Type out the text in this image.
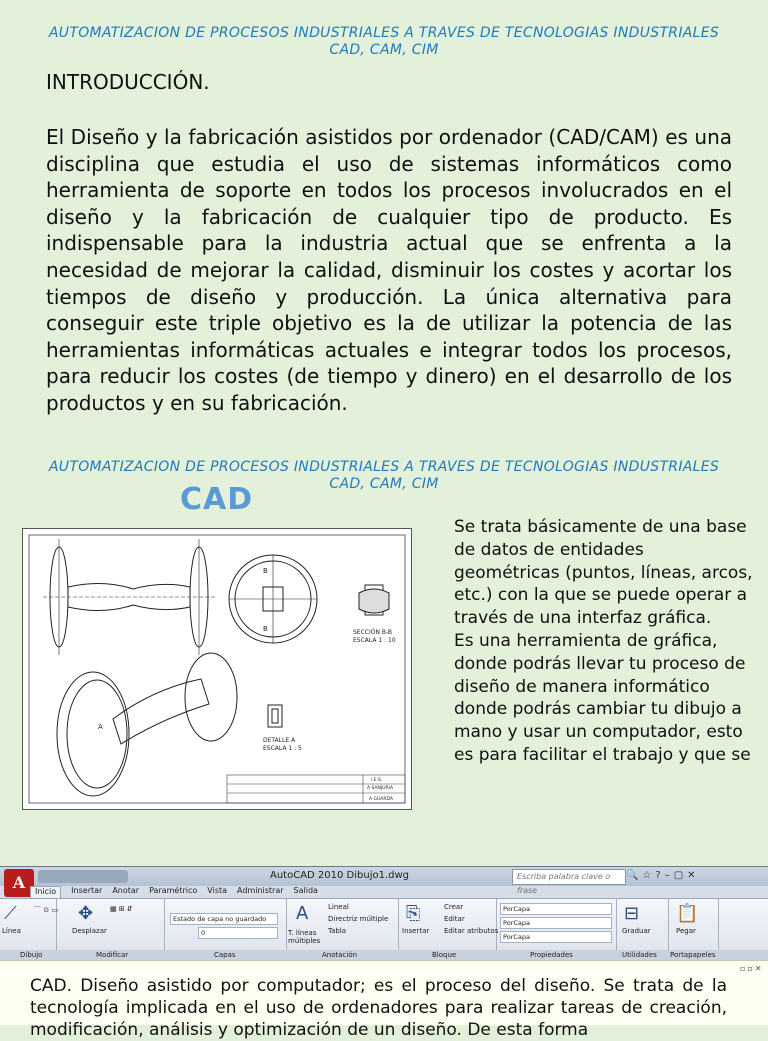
AUTOMATIZACION DE PROCESOS INDUSTRIALES A TRAVES DE TECNOLOGIAS INDUSTRIALES CAD, CAM, CIM
INTRODUCCIÓN.
El Diseño y la fabricación asistidos por ordenador (CAD/CAM) es una disciplina que estudia el uso de sistemas informáticos como herramienta de soporte en todos los procesos involucrados en el diseño y la fabricación de cualquier tipo de producto. Es indispensable para la industria actual que se enfrenta a la necesidad de mejorar la calidad, disminuir los costes y acortar los tiempos de diseño y producción. La única alternativa para conseguir este triple objetivo es la de utilizar la potencia de las herramientas informáticas actuales e integrar todos los procesos, para reducir los costes (de tiempo y dinero) en el desarrollo de los productos y en su fabricación.
AUTOMATIZACION DE PROCESOS INDUSTRIALES A TRAVES DE TECNOLOGIAS INDUSTRIALES CAD, CAM, CIM
CAD
B
B	SECCIÓN B-B
ESCALA 1 : 10
A
DETALLE A
ESCALA 1 : 5
I.E.S.
A SANJURIA
A GUARDA

Se trata básicamente de una base de datos de entidades geométricas (puntos, líneas, arcos, etc.) con la que se puede operar a través de una interfaz gráfica.

Es una herramienta de gráfica, donde podrás llevar tu proceso de diseño de manera informático donde podrás cambiar tu dibujo a mano y usar un computador, esto es para facilitar el trabajo y que se

AutoCAD 2010 Dibujo1.dwg	Escriba palabra clave o frase
🔍☆?–▢✕
A	Inicio	Insertar Anotar Paramétrico Vista Administrar Salida
⟋
Línea
⌒ ⊙ ▭ ✥
Desplazar
▦ ⊞ ⇵
Estado de capa no guardado
0
A
T. líneas múltiples
Lineal
Directriz múltiple
Tabla
⎘
Insertar
Crear
Editar
Editar atributos
PorCapa
PorCapa
PorCapa
⊟
Graduar
📋
Pegar
Dibujo	Modificar	Capas	Anotación	Bloque	Propiedades	Utilidades Portapapeles
▫▫✕
CAD. Diseño asistido por computador; es el proceso del diseño. Se trata de la tecnología implicada en el uso de ordenadores para realizar tareas de creación, modificación, análisis y optimización de un diseño. De esta forma
